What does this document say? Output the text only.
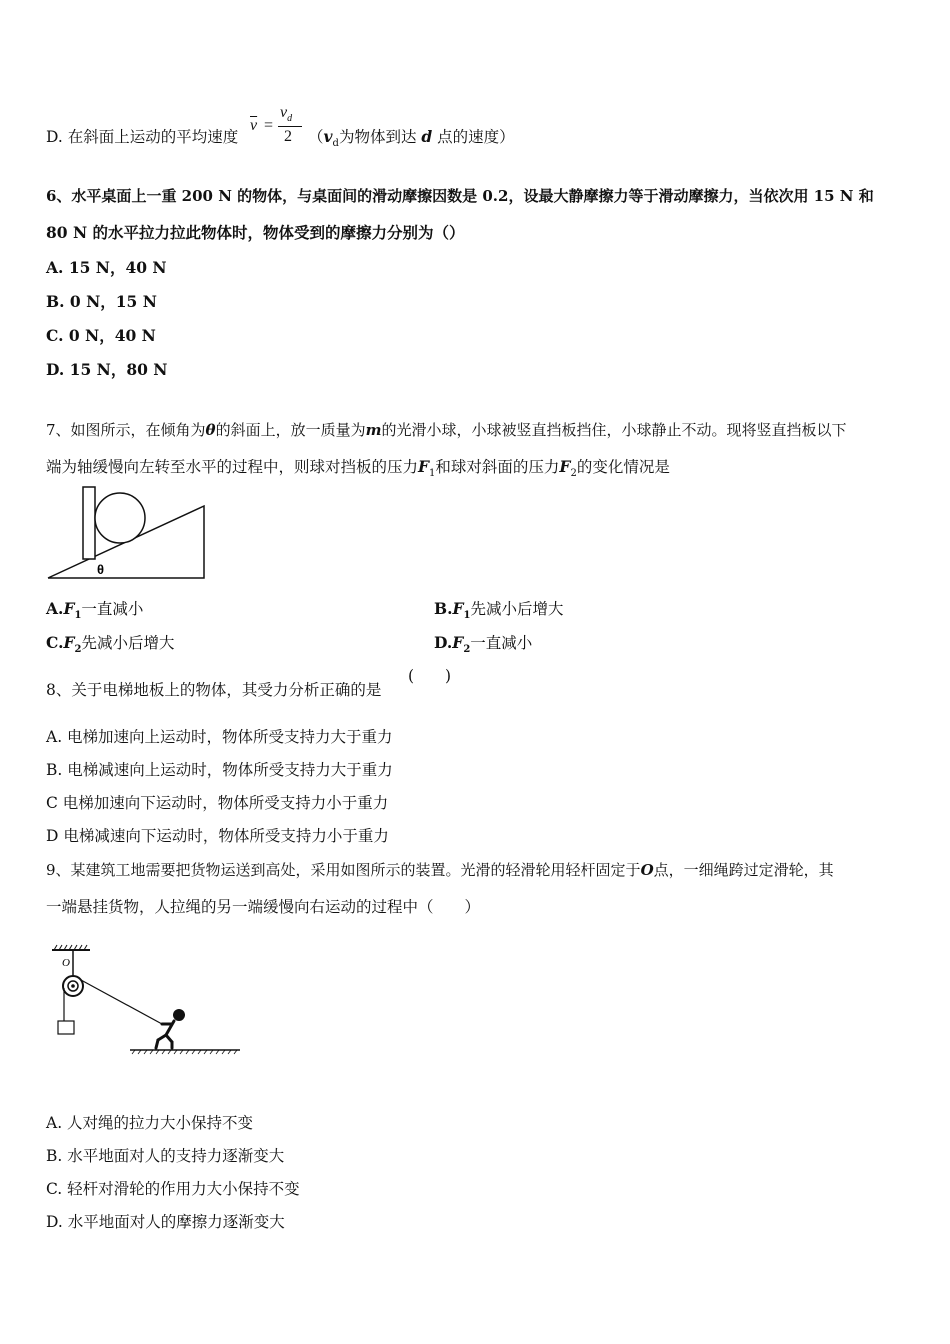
D. 在斜面上运动的平均速度
$\overline{v}$ =
$v_d$
2 （$v_d$为物体到达 d 点的速度）
6、水平桌面上一重 200 N 的物体，与桌面间的滑动摩擦因数是 0.2，设最大静摩擦力等于滑动摩擦力，当依次用 15 N 和
80 N 的水平拉力拉此物体时，物体受到的摩擦力分别为（）
A. 15 N，40 N
B. 0 N，15 N
C. 0 N，40 N
D. 15 N，80 N
7、如图所示，在倾角为θ的斜面上，放一质量为m的光滑小球，小球被竖直挡板挡住，小球静止不动。现将竖直挡板以下
端为轴缓慢向左转至水平的过程中，则球对挡板的压力$F_1$和球对斜面的压力$F_2$的变化情况是
θ
$A.F_1$一直减小	$B.F_1$先减小后增大
$C.F_2$先减小后增大	$D.F_2$一直减小
8、关于电梯地板上的物体，其受力分析正确的是
(　　)
A. 电梯加速向上运动时，物体所受支持力大于重力
B. 电梯减速向上运动时，物体所受支持力大于重力
C 电梯加速向下运动时，物体所受支持力小于重力
D 电梯减速向下运动时，物体所受支持力小于重力
9、某建筑工地需要把货物运送到高处，采用如图所示的装置。光滑的轻滑轮用轻杆固定于O点，一细绳跨过定滑轮，其
一端悬挂货物，人拉绳的另一端缓慢向右运动的过程中（　　）
O
A. 人对绳的拉力大小保持不变
B. 水平地面对人的支持力逐渐变大
C. 轻杆对滑轮的作用力大小保持不变
D. 水平地面对人的摩擦力逐渐变大
